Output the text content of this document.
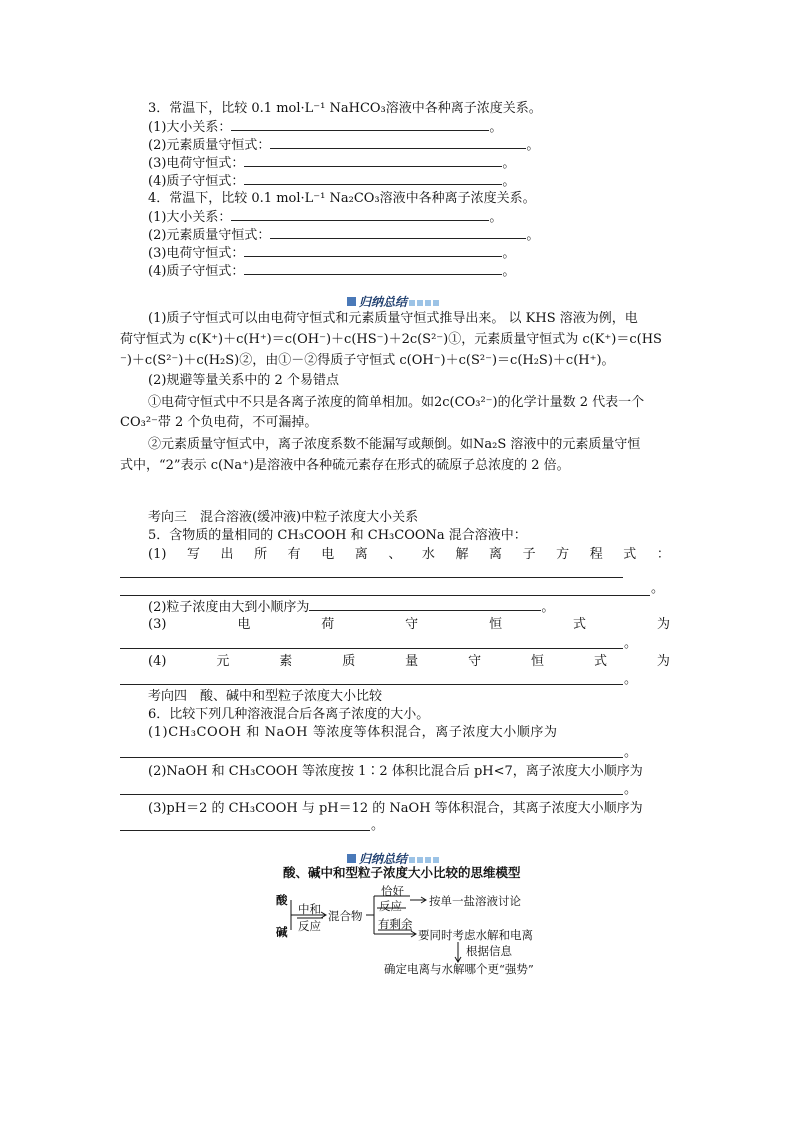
3．常温下，比较 0.1 mol·L⁻¹ NaHCO₃溶液中各种离子浓度关系。
(1)大小关系：	。
(2)元素质量守恒式：	。
(3)电荷守恒式：	。
(4)质子守恒式：	。
4．常温下，比较 0.1 mol·L⁻¹ Na₂CO₃溶液中各种离子浓度关系。
(1)大小关系：	。
(2)元素质量守恒式：	。
(3)电荷守恒式：	。
(4)质子守恒式：	。
归纳总结
(1)质子守恒式可以由电荷守恒式和元素质量守恒式推导出来。 以 KHS 溶液为例，电
荷守恒式为 c(K⁺)＋c(H⁺)＝c(OH⁻)＋c(HS⁻)＋2c(S²⁻)①，元素质量守恒式为 c(K⁺)＝c(HS
⁻)＋c(S²⁻)＋c(H₂S)②，由①－②得质子守恒式 c(OH⁻)＋c(S²⁻)＝c(H₂S)＋c(H⁺)。
(2)规避等量关系中的 2 个易错点
①电荷守恒式中不只是各离子浓度的简单相加。如2c(CO₃²⁻)的化学计量数 2 代表一个
CO₃²⁻带 2 个负电荷，不可漏掉。
②元素质量守恒式中，离子浓度系数不能漏写或颠倒。如Na₂S 溶液中的元素质量守恒
式中，“2”表示 c(Na⁺)是溶液中各种硫元素存在形式的硫原子总浓度的 2 倍。
考向三　混合溶液(缓冲液)中粒子浓度大小关系
5．含物质的量相同的 CH₃COOH 和 CH₃COONa 混合溶液中：
(1) 写 出 所 有 电 离 、 水 解 离 子 方 程 式 ：
。
(2)粒子浓度由大到小顺序为	。
(3)	电	荷	守	恒	式	为
。
(4)	元	素	质	量	守	恒	式	为
。
考向四　酸、碱中和型粒子浓度大小比较
6．比较下列几种溶液混合后各离子浓度的大小。
(1)CH₃COOH 和 NaOH 等浓度等体积混合，离子浓度大小顺序为
。
(2)NaOH 和 CH₃COOH 等浓度按 1∶2 体积比混合后 pH<7，离子浓度大小顺序为
。
(3)pH＝2 的 CH₃COOH 与 pH＝12 的 NaOH 等体积混合，其离子浓度大小顺序为
。
归纳总结
酸、碱中和型粒子浓度大小比较的思维模型
酸
碱
中和
反应
混合物
恰好
反应 按单一盐溶液讨论
有剩余
要同时考虑水解和电离
根据信息
确定电离与水解哪个更“强势”
